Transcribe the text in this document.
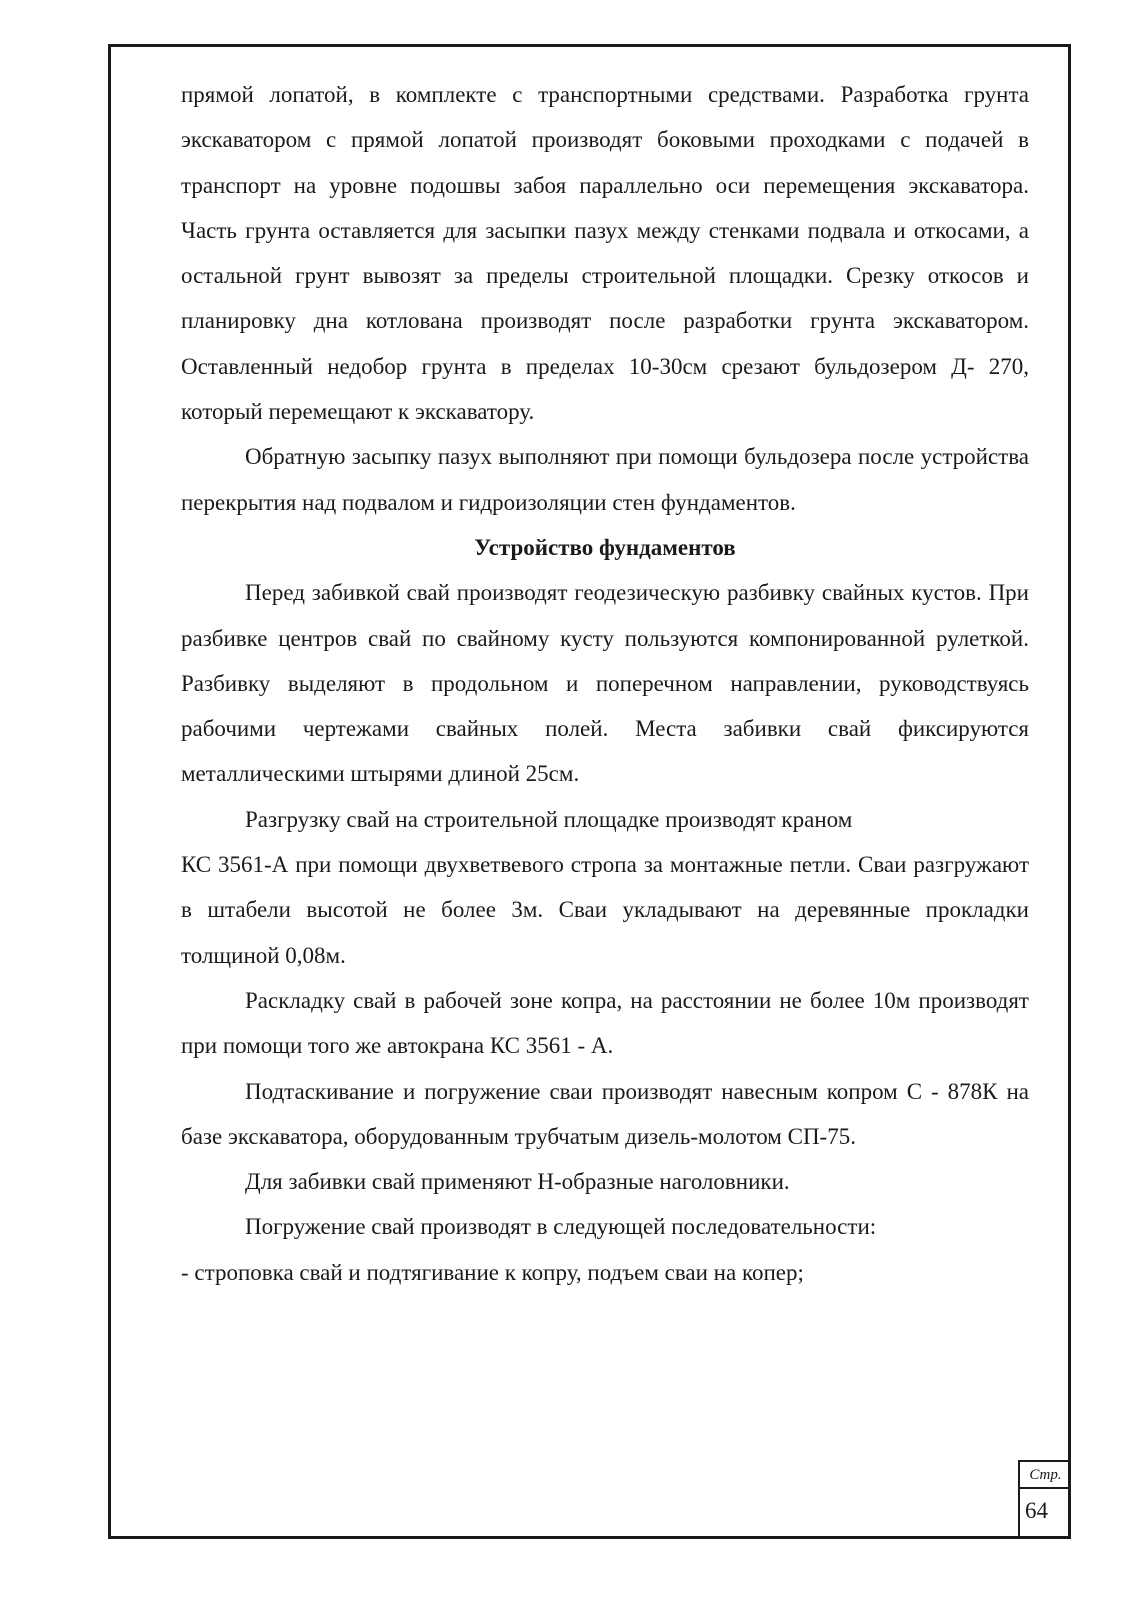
прямой лопатой, в комплекте с транспортными средствами. Разработка грунта экскаватором с прямой лопатой производят боковыми проходками с подачей в транспорт на уровне подошвы забоя параллельно оси перемещения экскаватора. Часть грунта оставляется для засыпки пазух между стенками подвала и откосами, а остальной грунт вывозят за пределы строительной площадки. Срезку откосов и планировку дна котлована производят после разработки грунта экскаватором. Оставленный недобор грунта в пределах 10-30см срезают бульдозером Д- 270, который перемещают к экскаватору.

Обратную засыпку пазух выполняют при помощи бульдозера после устройства перекрытия над подвалом и гидроизоляции стен фундаментов.

Устройство фундаментов

Перед забивкой свай производят геодезическую разбивку свайных кустов. При разбивке центров свай по свайному кусту пользуются компонированной рулеткой. Разбивку выделяют в продольном и поперечном направлении, руководствуясь рабочими чертежами свайных полей. Места забивки свай фиксируются металлическими штырями длиной 25см.

Разгрузку свай на строительной площадке производят краном

КС 3561-А при помощи двухветвевого стропа за монтажные петли. Сваи разгружают в штабели высотой не более 3м. Сваи укладывают на деревянные прокладки толщиной 0,08м.

Раскладку свай в рабочей зоне копра, на расстоянии не более 10м производят при помощи того же автокрана КС 3561 - А.

Подтаскивание и погружение сваи производят навесным копром С - 878К на базе экскаватора, оборудованным трубчатым дизель-молотом СП-75.

Для забивки свай применяют Н-образные наголовники.

Погружение свай производят в следующей последовательности:

- строповка свай и подтягивание к копру, подъем сваи на копер;

Стр.
64
